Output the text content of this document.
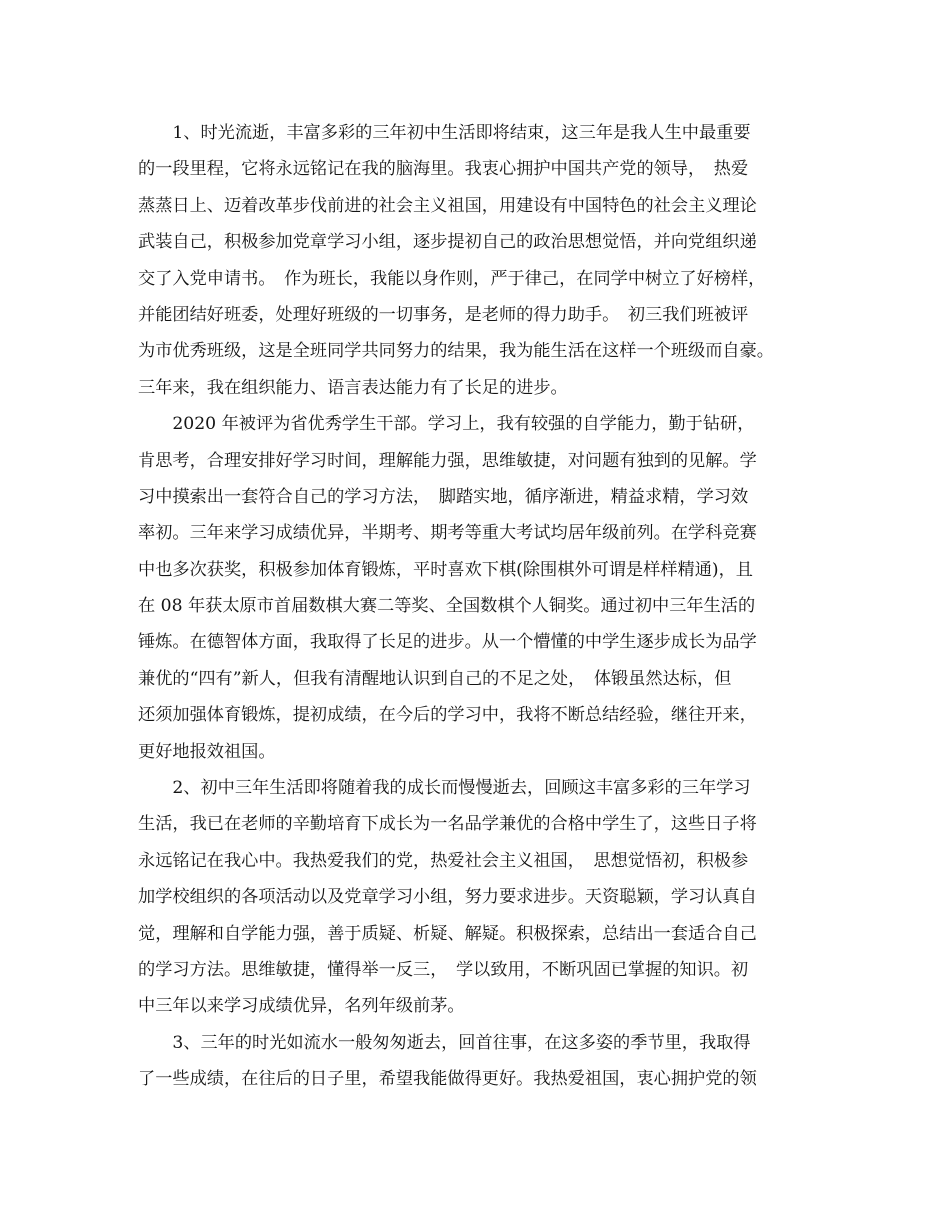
　　1、时光流逝，丰富多彩的三年初中生活即将结束，这三年是我人生中最重要
的一段里程，它将永远铭记在我的脑海里。我衷心拥护中国共产党的领导，　热爱
蒸蒸日上、迈着改革步伐前进的社会主义祖国，用建设有中国特色的社会主义理论
武装自己，积极参加党章学习小组，逐步提初自己的政治思想觉悟，并向党组织递
交了入党申请书。　作为班长，我能以身作则，严于律己，在同学中树立了好榜样，
并能团结好班委，处理好班级的一切事务，是老师的得力助手。　初三我们班被评
为市优秀班级，这是全班同学共同努力的结果，我为能生活在这样一个班级而自豪。
三年来，我在组织能力、语言表达能力有了长足的进步。
　　2020 年被评为省优秀学生干部。学习上，我有较强的自学能力，勤于钻研，
肯思考，合理安排好学习时间，理解能力强，思维敏捷，对问题有独到的见解。学
习中摸索出一套符合自己的学习方法，　脚踏实地，循序渐进，精益求精，学习效
率初。三年来学习成绩优异，半期考、期考等重大考试均居年级前列。在学科竞赛
中也多次获奖，积极参加体育锻炼，平时喜欢下棋(除围棋外可谓是样样精通)，且
在 08 年获太原市首届数棋大赛二等奖、全国数棋个人铜奖。通过初中三年生活的
锤炼。在德智体方面，我取得了长足的进步。从一个懵懂的中学生逐步成长为品学
兼优的“四有”新人，但我有清醒地认识到自己的不足之处，　体锻虽然达标，但
还须加强体育锻炼，提初成绩，在今后的学习中，我将不断总结经验，继往开来，
更好地报效祖国。
　　2、初中三年生活即将随着我的成长而慢慢逝去，回顾这丰富多彩的三年学习
生活，我已在老师的辛勤培育下成长为一名品学兼优的合格中学生了，这些日子将
永远铭记在我心中。我热爱我们的党，热爱社会主义祖国，　思想觉悟初，积极参
加学校组织的各项活动以及党章学习小组，努力要求进步。天资聪颖，学习认真自
觉，理解和自学能力强，善于质疑、析疑、解疑。积极探索，总结出一套适合自己
的学习方法。思维敏捷，懂得举一反三，　学以致用，不断巩固已掌握的知识。初
中三年以来学习成绩优异，名列年级前茅。
　　3、三年的时光如流水一般匆匆逝去，回首往事，在这多姿的季节里，我取得
了一些成绩，在往后的日子里，希望我能做得更好。我热爱祖国，衷心拥护党的领
